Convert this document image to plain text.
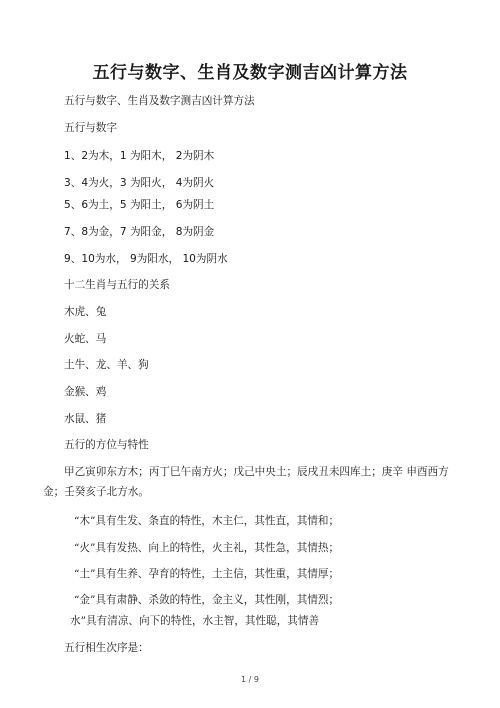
五行与数字、生肖及数字测吉凶计算方法
五行与数字、生肖及数字测吉凶计算方法
五行与数字
1、2为木，1 为阳木， 2为阴木
3、4为火，3 为阳火， 4为阴火
5、6为土，5 为阳土， 6为阴土
7、8为金，7 为阳金， 8为阴金
9、10为水， 9为阳水， 10为阴水
十二生肖与五行的关系
木虎、兔
火蛇、马
土牛、龙、羊、狗
金猴、鸡
水鼠、猪
五行的方位与特性
甲乙寅卯东方木；丙丁巳午南方火；戊己中央土；辰戌丑未四库土；庚辛 申酉西方金；壬癸亥子北方水。
“木”具有生发、条直的特性，木主仁，其性直，其情和；
“火”具有发热、向上的特性，火主礼，其性急，其情热；
“土”具有生养、孕育的特性，土主信，其性重，其情厚；
“金”具有肃静、杀敛的特性，金主义，其性刚，其情烈；
水”具有清凉、向下的特性，水主智，其性聪，其情善
五行相生次序是：
1 / 9
